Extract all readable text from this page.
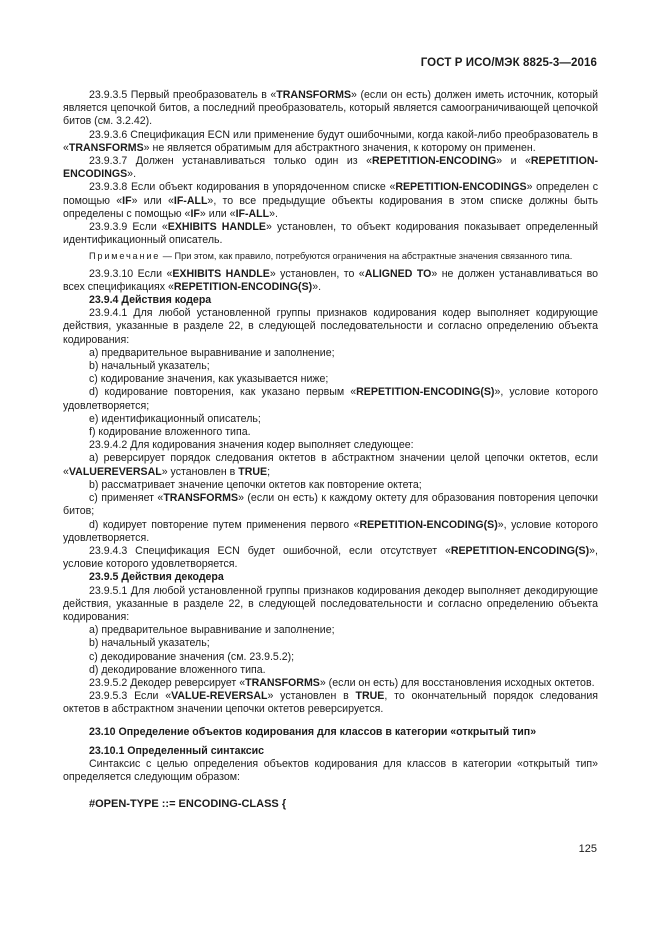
ГОСТ Р ИСО/МЭК 8825-3—2016

23.9.3.5 Первый преобразователь в «TRANSFORMS» (если он есть) должен иметь источник, который является цепочкой битов, а последний преобразователь, который является самоограничивающей цепочкой битов (см. 3.2.42).

23.9.3.6 Спецификация ECN или применение будут ошибочными, когда какой-либо преобразователь в «TRANSFORMS» не является обратимым для абстрактного значения, к которому он применен.

23.9.3.7 Должен устанавливаться только один из «REPETITION-ENCODING» и «REPETITION-ENCODINGS».

23.9.3.8 Если объект кодирования в упорядоченном списке «REPETITION-ENCODINGS» определен с помощью «IF» или «IF-ALL», то все предыдущие объекты кодирования в этом списке должны быть определены с помощью «IF» или «IF-ALL».

23.9.3.9 Если «EXHIBITS HANDLE» установлен, то объект кодирования показывает определенный идентификационный описатель.

Примечание — При этом, как правило, потребуются ограничения на абстрактные значения связанного типа.

23.9.3.10 Если «EXHIBITS HANDLE» установлен, то «ALIGNED TO» не должен устанавливаться во всех спецификациях «REPETITION-ENCODING(S)».

23.9.4 Действия кодера

23.9.4.1 Для любой установленной группы признаков кодирования кодер выполняет кодирующие действия, указанные в разделе 22, в следующей последовательности и согласно определению объекта кодирования:

a) предварительное выравнивание и заполнение;

b) начальный указатель;

c) кодирование значения, как указывается ниже;

d) кодирование повторения, как указано первым «REPETITION-ENCODING(S)», условие которого удовлетворяется;

e) идентификационный описатель;

f) кодирование вложенного типа.

23.9.4.2 Для кодирования значения кодер выполняет следующее:

a) реверсирует порядок следования октетов в абстрактном значении целой цепочки октетов, если «VALUEREVERSAL» установлен в TRUE;

b) рассматривает значение цепочки октетов как повторение октета;

c) применяет «TRANSFORMS» (если он есть) к каждому октету для образования повторения цепочки битов;

d) кодирует повторение путем применения первого «REPETITION-ENCODING(S)», условие которого удовлетворяется.

23.9.4.3 Спецификация ECN будет ошибочной, если отсутствует «REPETITION-ENCODING(S)», условие которого удовлетворяется.

23.9.5 Действия декодера

23.9.5.1 Для любой установленной группы признаков кодирования декодер выполняет декодирующие действия, указанные в разделе 22, в следующей последовательности и согласно определению объекта кодирования:

a) предварительное выравнивание и заполнение;

b) начальный указатель;

c) декодирование значения (см. 23.9.5.2);

d) декодирование вложенного типа.

23.9.5.2 Декодер реверсирует «TRANSFORMS» (если он есть) для восстановления исходных октетов.

23.9.5.3 Если «VALUE-REVERSAL» установлен в TRUE, то окончательный порядок следования октетов в абстрактном значении цепочки октетов реверсируется.

23.10 Определение объектов кодирования для классов в категории «открытый тип»

23.10.1 Определенный синтаксис

Синтаксис с целью определения объектов кодирования для классов в категории «открытый тип» определяется следующим образом:

#OPEN-TYPE ::= ENCODING-CLASS {

125
